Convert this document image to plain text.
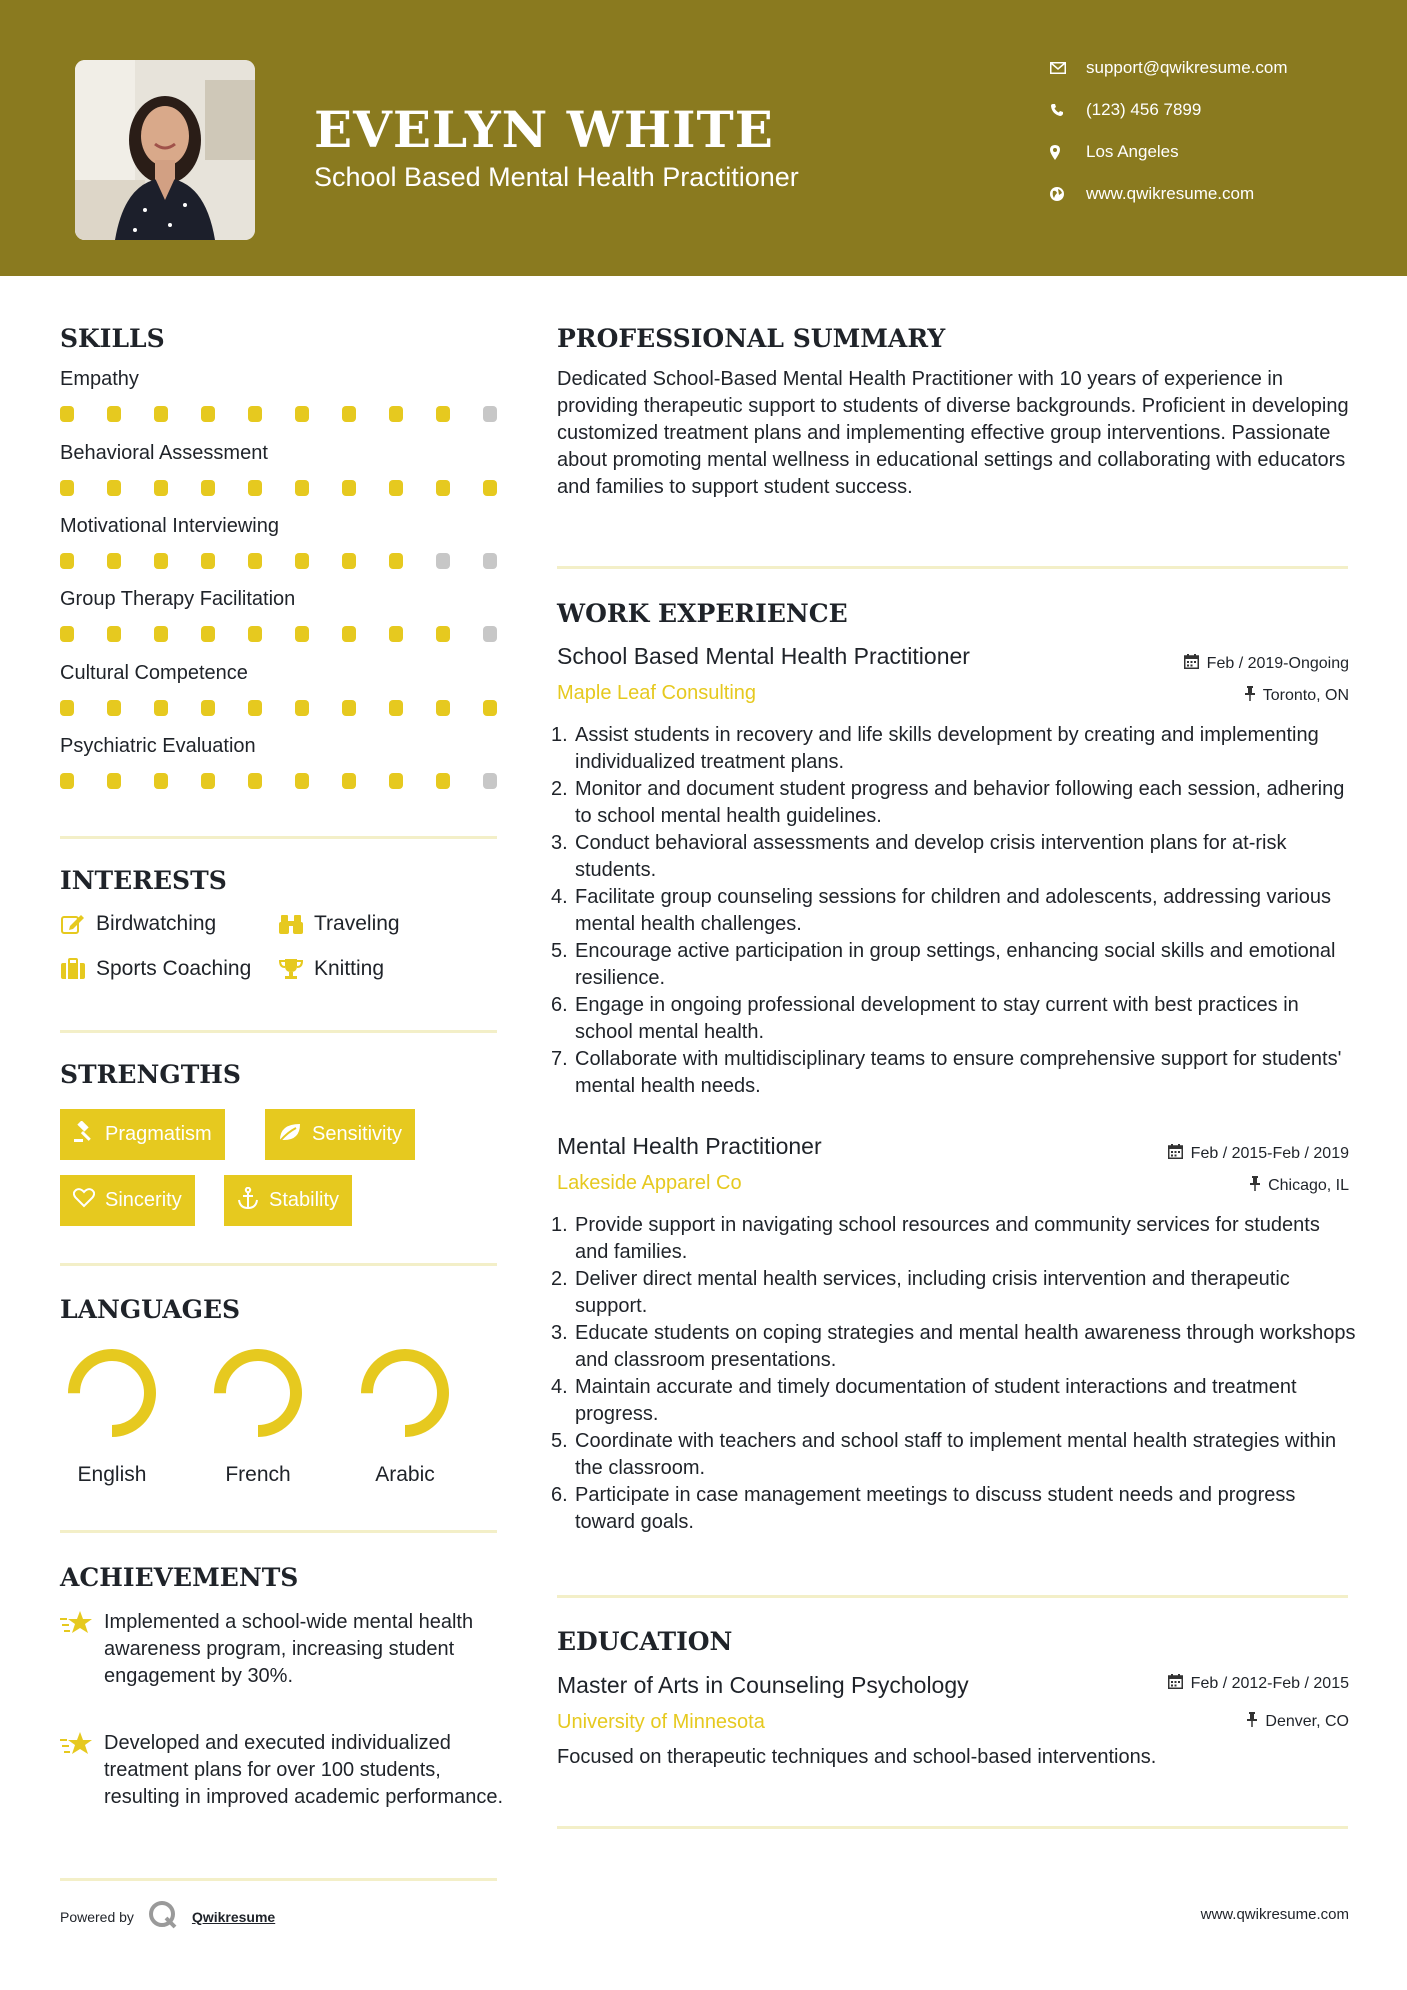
EVELYN WHITE
School Based Mental Health Practitioner
support@qwikresume.com
(123) 456 7899
Los Angeles
www.qwikresume.com
SKILLS
Empathy
Behavioral Assessment
Motivational Interviewing
Group Therapy Facilitation
Cultural Competence
Psychiatric Evaluation
INTERESTS
Birdwatching	Traveling
Sports Coaching	Knitting
STRENGTHS
Pragmatism	Sensitivity
Sincerity	Stability
LANGUAGES
English	French	Arabic
ACHIEVEMENTS
Implemented a school-wide mental health awareness program, increasing student engagement by 30%.
Developed and executed individualized treatment plans for over 100 students, resulting in improved academic performance.
PROFESSIONAL SUMMARY
Dedicated School-Based Mental Health Practitioner with 10 years of experience in providing therapeutic support to students of diverse backgrounds. Proficient in developing customized treatment plans and implementing effective group interventions. Passionate about promoting mental wellness in educational settings and collaborating with educators and families to support student success.
WORK EXPERIENCE
School Based Mental Health Practitioner	Feb / 2019-Ongoing
Maple Leaf Consulting	Toronto, ON
1. Assist students in recovery and life skills development by creating and implementing individualized treatment plans.
2. Monitor and document student progress and behavior following each session, adhering to school mental health guidelines.
3. Conduct behavioral assessments and develop crisis intervention plans for at-risk students.
4. Facilitate group counseling sessions for children and adolescents, addressing various mental health challenges.
5. Encourage active participation in group settings, enhancing social skills and emotional resilience.
6. Engage in ongoing professional development to stay current with best practices in school mental health.
7. Collaborate with multidisciplinary teams to ensure comprehensive support for students' mental health needs.
Mental Health Practitioner	Feb / 2015-Feb / 2019
Lakeside Apparel Co	Chicago, IL
1. Provide support in navigating school resources and community services for students and families.
2. Deliver direct mental health services, including crisis intervention and therapeutic support.
3. Educate students on coping strategies and mental health awareness through workshops and classroom presentations.
4. Maintain accurate and timely documentation of student interactions and treatment progress.
5. Coordinate with teachers and school staff to implement mental health strategies within the classroom.
6. Participate in case management meetings to discuss student needs and progress toward goals.
EDUCATION
Master of Arts in Counseling Psychology	Feb / 2012-Feb / 2015
University of Minnesota	Denver, CO
Focused on therapeutic techniques and school-based interventions.
Powered by	Qwikresume	www.qwikresume.com
